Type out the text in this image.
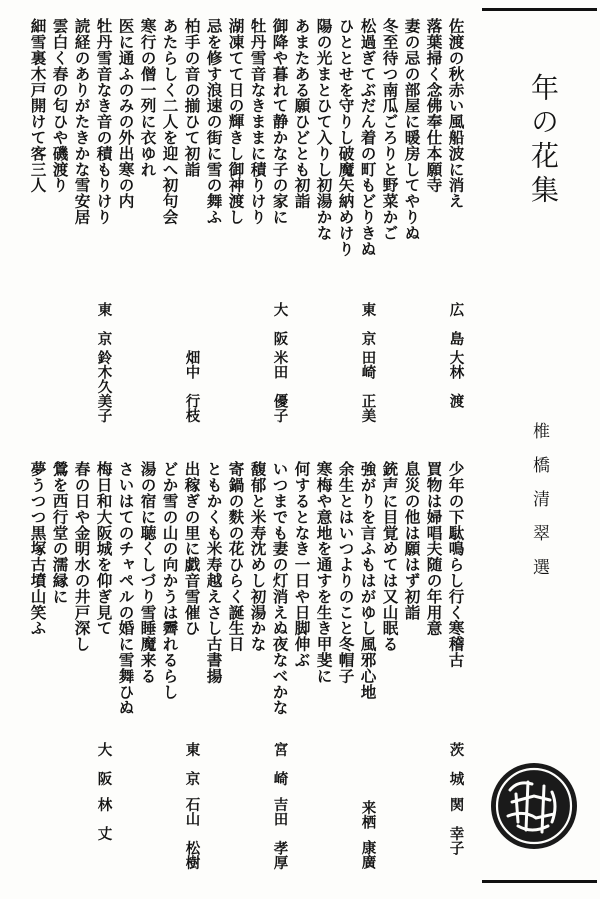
年の花集
椎橋清翠選
佐渡の秋赤い風船波に消え
落葉掃く念佛奉仕本願寺
妻の忌の部屋に暖房してやりぬ
冬至待つ南瓜ごろりと野菜かご
松過ぎてぶだん着の町もどりきぬ
ひととせを守りし破魔矢納めけり
陽の光まとひて入りし初湯かな
あまたある願ひどとも初詣
御降や暮れて静かな子の家に
牡丹雪音なきままに積りけり
湖凍てて日の輝きし御神渡し
忌を修す浪速の街に雪の舞ふ
柏手の音の揃ひて初詣
あたらしく二人を迎へ初句会
寒行の僧一列に衣ゆれ
医に通ふのみの外出寒の内
牡丹雪音なき音の積もりけり
読経のありがたきかな雪安居
雲白く春の匂ひや磯渡り
細雪裏木戸開けて客三人
広　島
大林　渡
東　京
田崎　正美
大　阪
米田　優子
畑中　行枝
東　京
鈴木久美子
少年の下駄鳴らし行く寒稽古
買物は婦唱夫随の年用意
息災の他は願はず初詣
銃声に目覚めては又山眠る
強がりを言ふもはがゆし風邪心地
余生とはいつよりのこと冬帽子
寒梅や意地を通すを生き甲斐に
何するとなき一日や日脚伸ぶ
いつまでも妻の灯消えぬ夜なべかな
馥郁と米寿沈めし初湯かな
寄鍋の麩の花ひらく誕生日
ともかくも米寿越えさし古書揚
出稼ぎの里に戯音雪催ひ
どか雪の山の向かうは霽れるらし
湯の宿に聴くしづり雪睡魔来る
さいはてのチャペルの婚に雪舞ひぬ
梅日和大阪城を仰ぎ見て
春の日や金明水の井戸深し
鶯を西行堂の濡縁に
夢うつつ黒塚古墳山笑ふ
茨　城
関　幸子
来栖
康廣
宮　崎
吉田　孝厚
東　京
石山　松樹
大　阪
林　丈
